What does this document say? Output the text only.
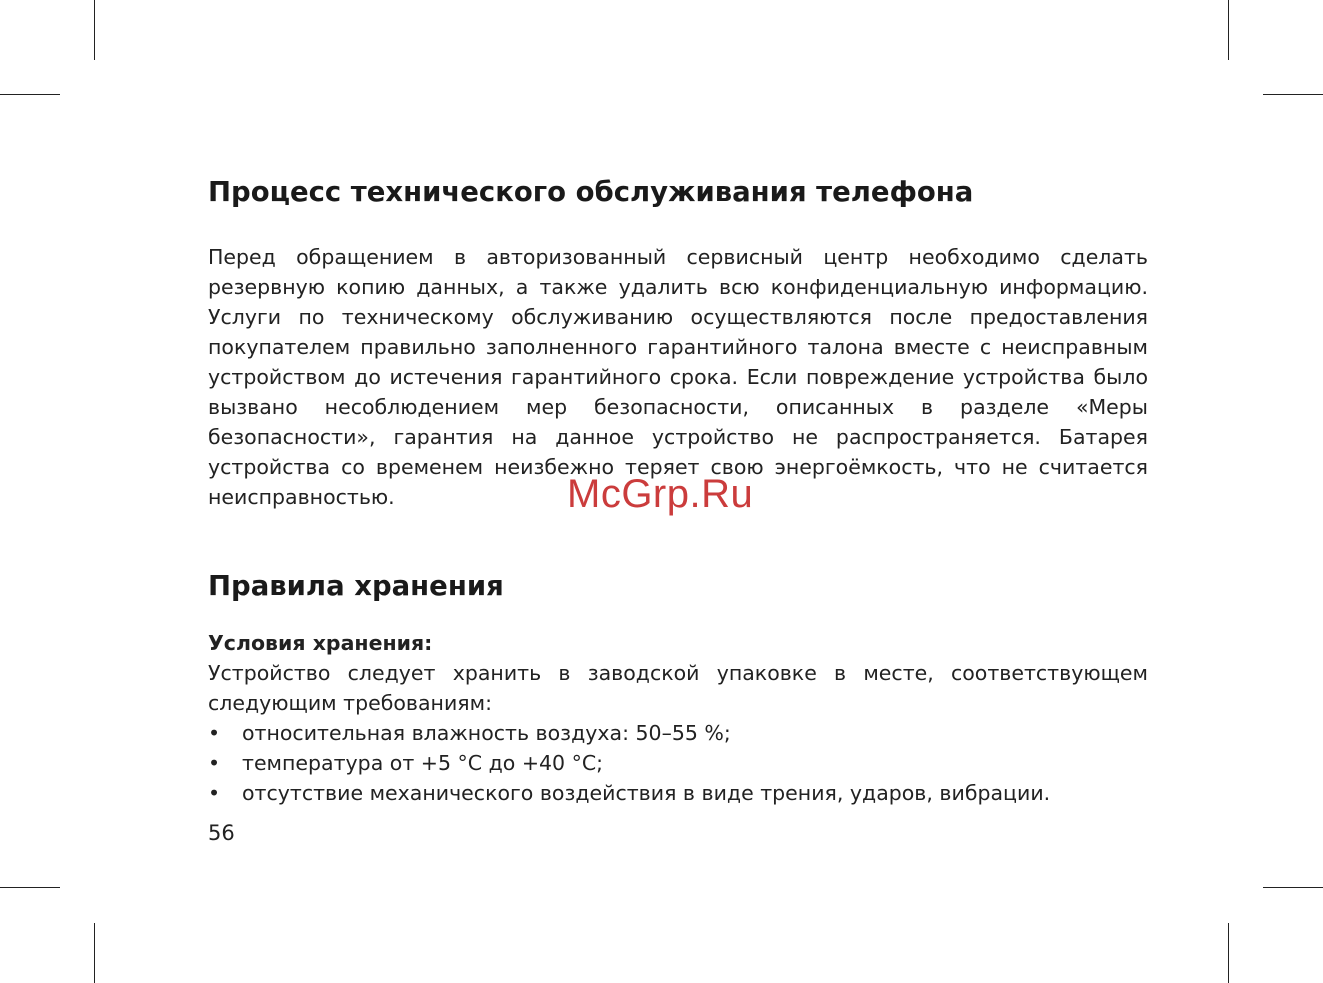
Процесс технического обслуживания телефона

Перед обращением в авторизованный сервисный центр необходимо сделать резервную копию данных, а также удалить всю конфиденциальную информацию. Услуги по техническому обслуживанию осуществляются после предоставления покупателем правильно заполненного гарантийного талона вместе с неисправным устройством до истечения гарантийного срока. Если повреждение устройства было вызвано несоблюдением мер безопасности, описанных в разделе «Меры безопасности», гарантия на данное устройство не распространяется. Батарея устройства со временем неизбежно теряет свою энергоёмкость, что не считается неисправностью.

Правила хранения

Условия хранения:

Устройство следует хранить в заводской упаковке в месте, соответствующем следующим требованиям:

• относительная влажность воздуха: 50–55 %;
• температура от +5 °С до +40 °С;
• отсутствие механического воздействия в виде трения, ударов, вибрации.
56
McGrp.Ru
